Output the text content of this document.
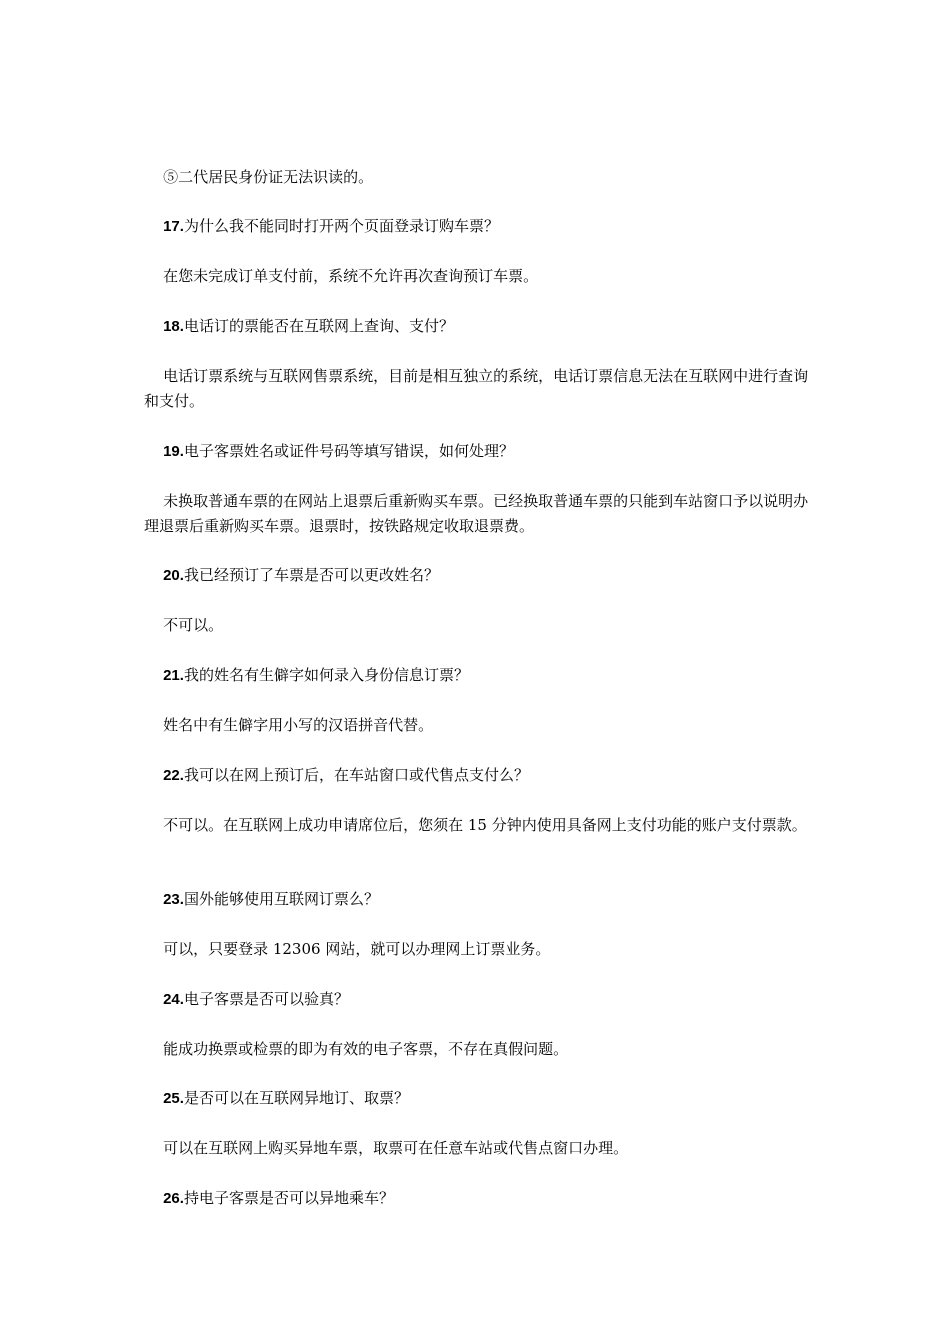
⑤二代居民身份证无法识读的。

17.为什么我不能同时打开两个页面登录订购车票？

在您未完成订单支付前，系统不允许再次查询预订车票。

18.电话订的票能否在互联网上查询、支付？

电话订票系统与互联网售票系统，目前是相互独立的系统，电话订票信息无法在互联网中进行查询和支付。

19.电子客票姓名或证件号码等填写错误，如何处理？

未换取普通车票的在网站上退票后重新购买车票。已经换取普通车票的只能到车站窗口予以说明办理退票后重新购买车票。退票时，按铁路规定收取退票费。

20.我已经预订了车票是否可以更改姓名？

不可以。

21.我的姓名有生僻字如何录入身份信息订票？

姓名中有生僻字用小写的汉语拼音代替。

22.我可以在网上预订后，在车站窗口或代售点支付么？

不可以。在互联网上成功申请席位后，您须在 15 分钟内使用具备网上支付功能的账户支付票款。

23.国外能够使用互联网订票么？

可以，只要登录 12306 网站，就可以办理网上订票业务。

24.电子客票是否可以验真？

能成功换票或检票的即为有效的电子客票，不存在真假问题。

25.是否可以在互联网异地订、取票？

可以在互联网上购买异地车票，取票可在任意车站或代售点窗口办理。

26.持电子客票是否可以异地乘车？
